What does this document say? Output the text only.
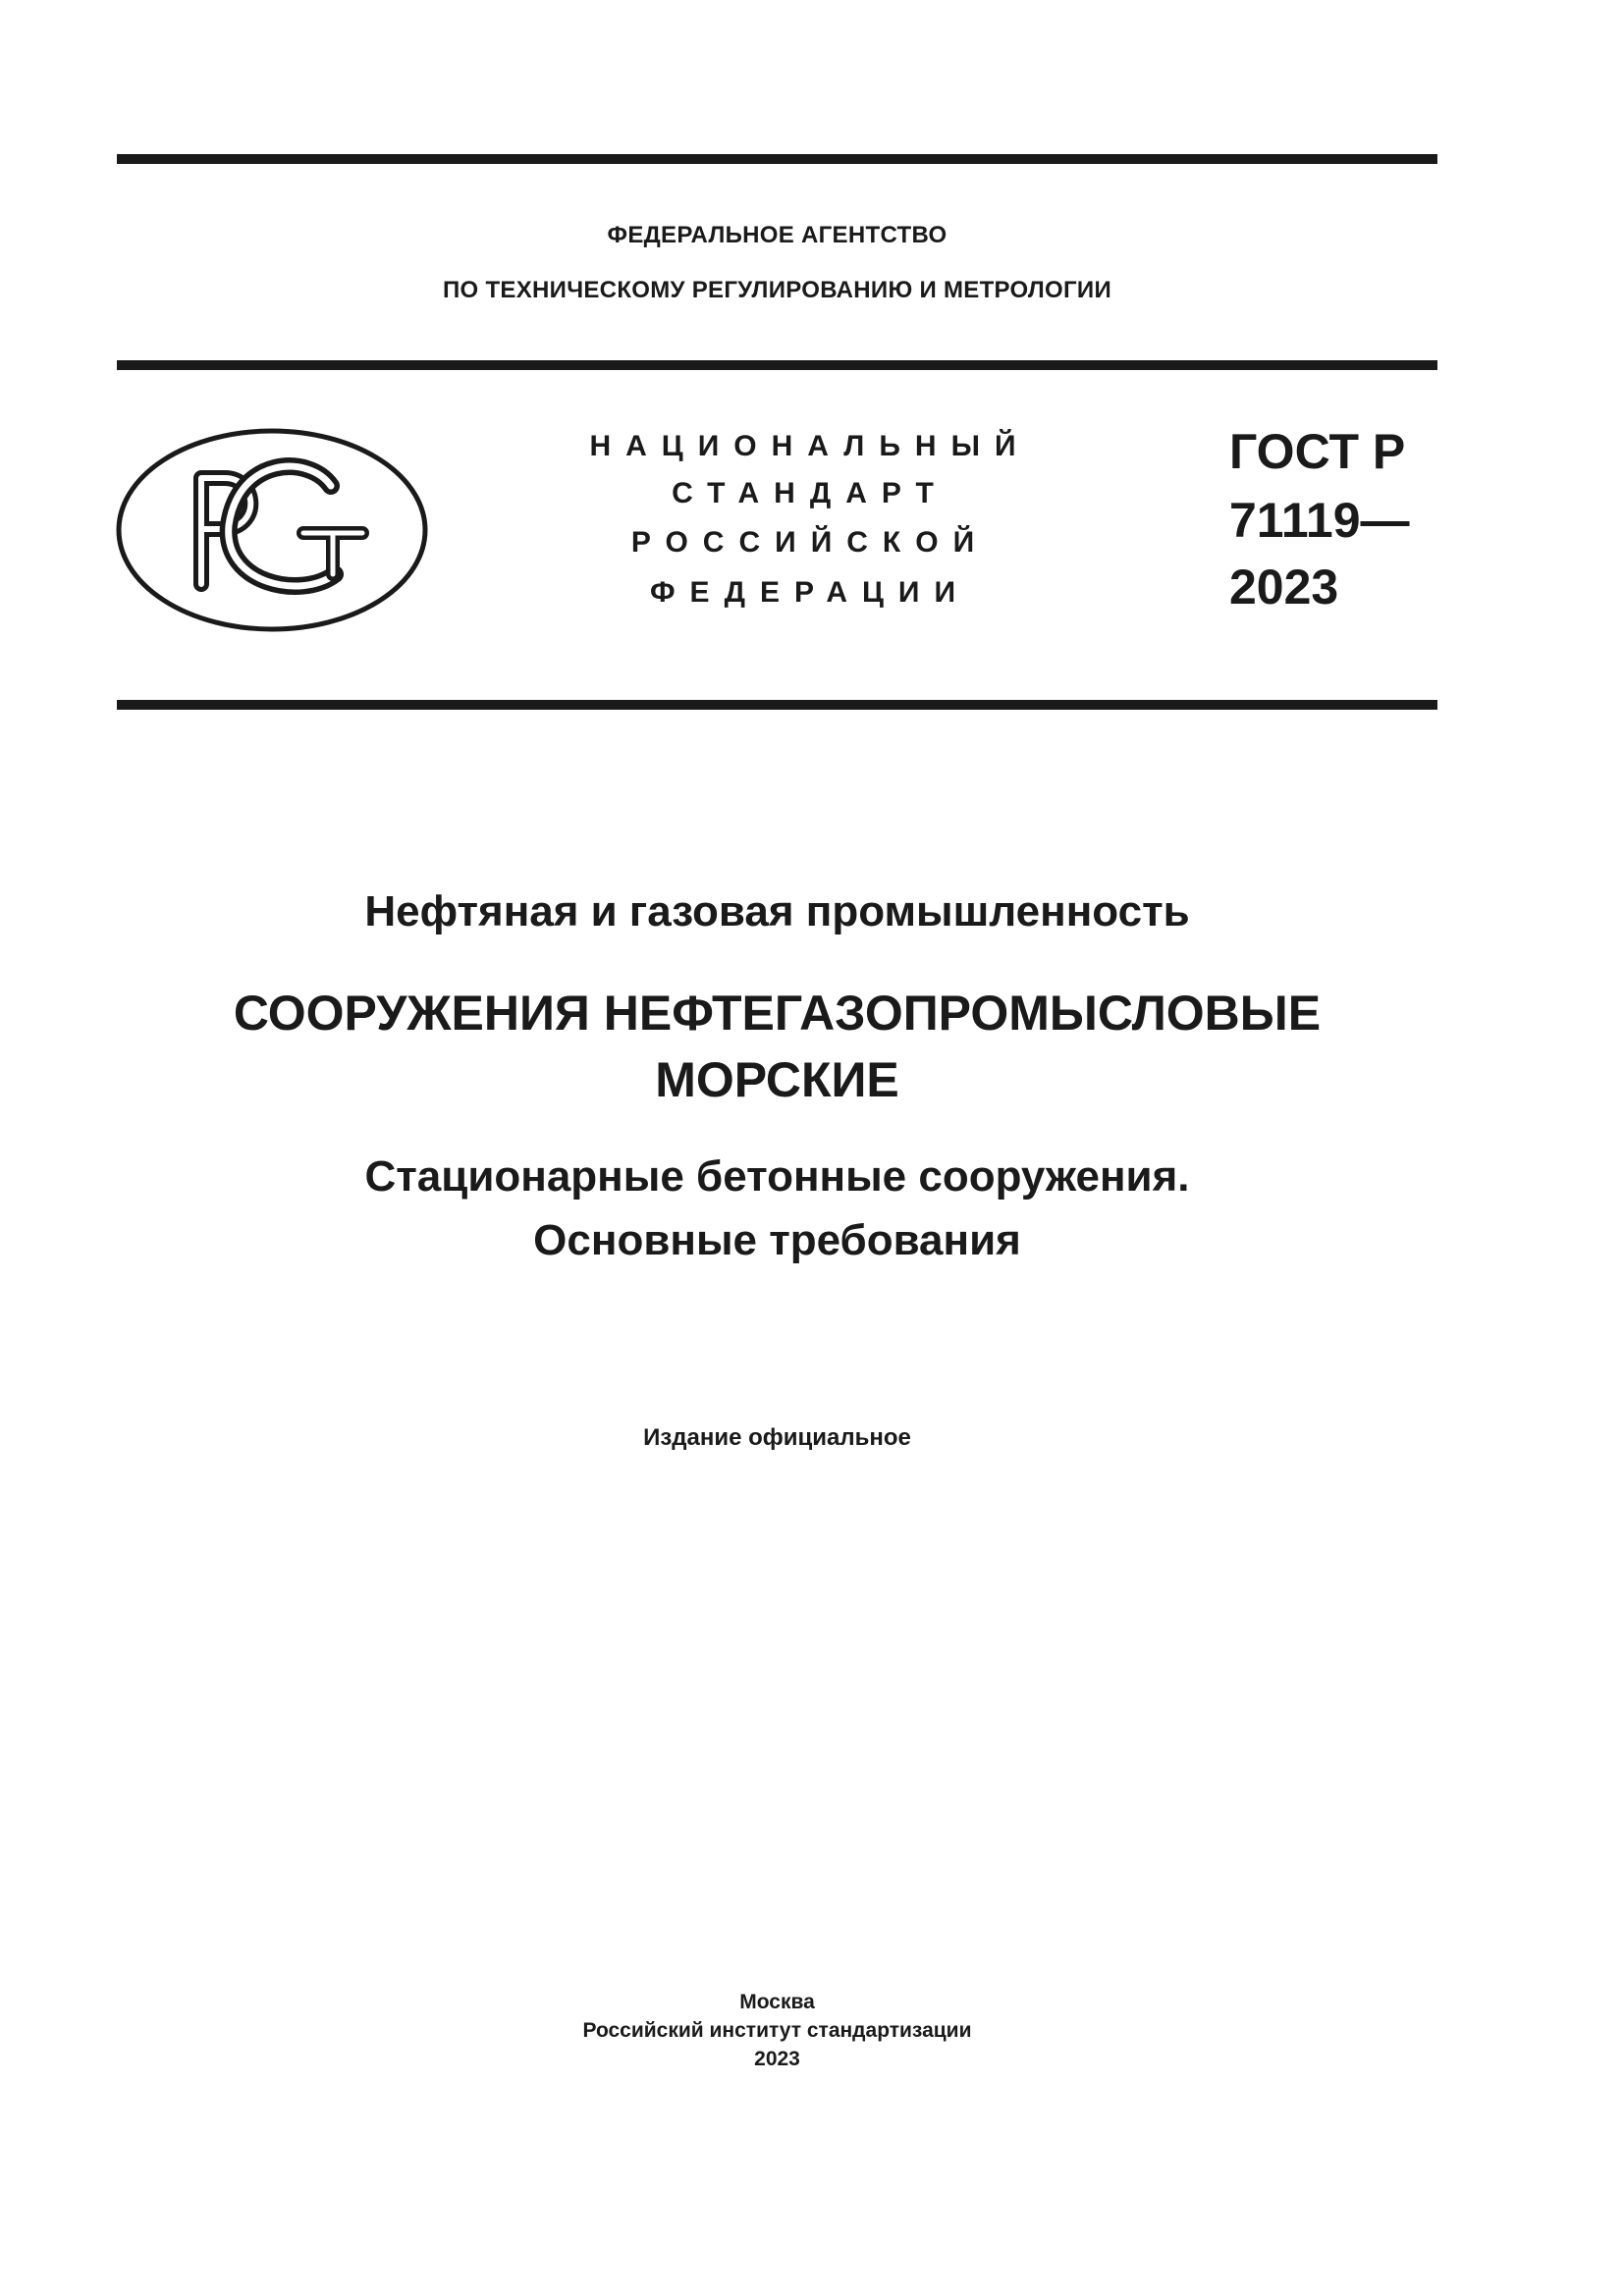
ФЕДЕРАЛЬНОЕ АГЕНТСТВО
ПО ТЕХНИЧЕСКОМУ РЕГУЛИРОВАНИЮ И МЕТРОЛОГИИ
НАЦИОНАЛЬНЫЙ
СТАНДАРТ
РОССИЙСКОЙ
ФЕДЕРАЦИИ
ГОСТ Р
71119—
2023
Нефтяная и газовая промышленность
СООРУЖЕНИЯ НЕФТЕГАЗОПРОМЫСЛОВЫЕ
МОРСКИЕ
Стационарные бетонные сооружения.
Основные требования
Издание официальное
Москва
Российский институт стандартизации
2023
